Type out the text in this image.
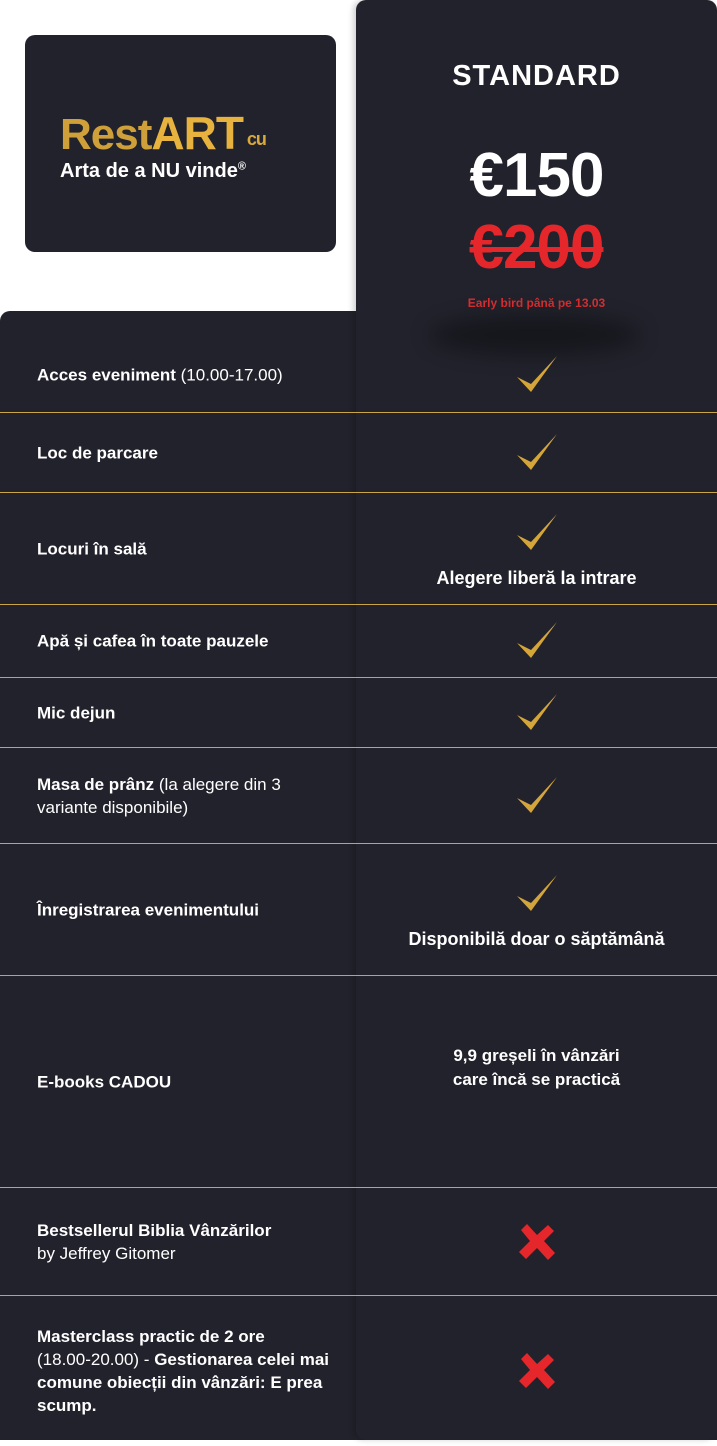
RestART cu
Arta de a NU vinde®
STANDARD
€150
€200
Early bird până pe 13.03
Acces eveniment (10.00-17.00)
Loc de parcare
Locuri în sală
Alegere liberă la intrare
Apă și cafea în toate pauzele
Mic dejun
Masa de prânz (la alegere din 3 variante disponibile)
Înregistrarea evenimentului
Disponibilă doar o săptămână
E-books CADOU
9,9 greșeli în vânzări care încă se practică
Bestsellerul Biblia Vânzărilor
by Jeffrey Gitomer
Masterclass practic de 2 ore
(18.00-20.00) - Gestionarea celei mai comune obiecții din vânzări: E prea scump.
